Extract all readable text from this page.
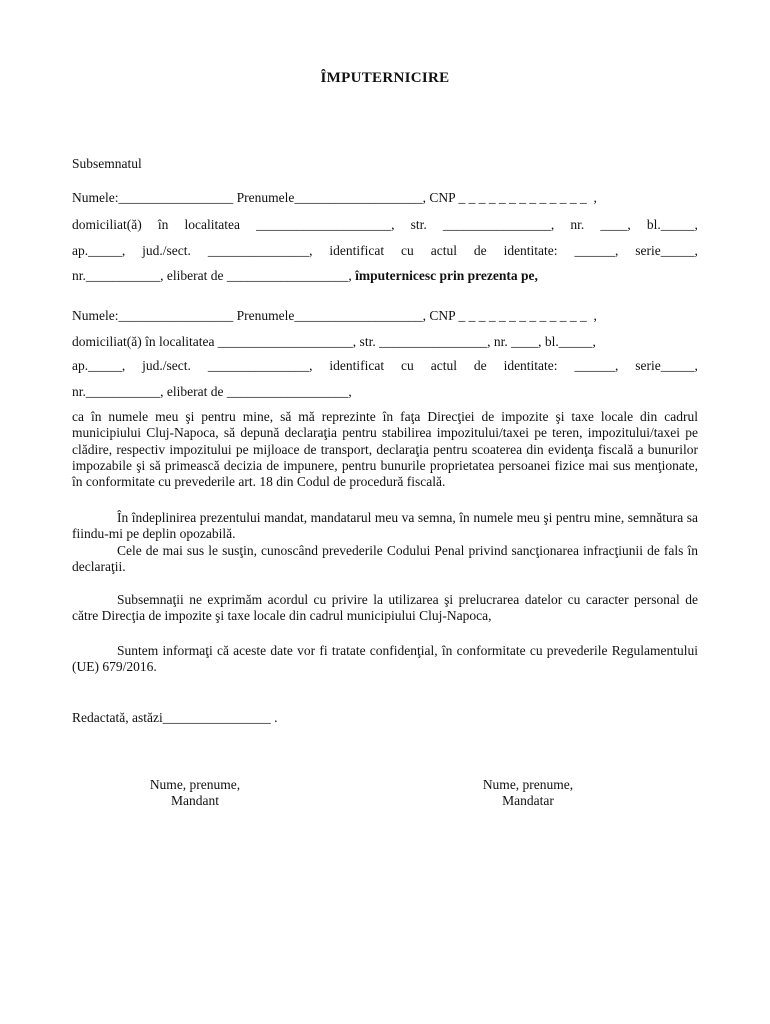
ÎMPUTERNICIRE
Subsemnatul
Numele:_________________
Prenumele___________________ , CNP _ _ _ _ _ _ _ _ _ _ _ _ _  ,
domiciliat(ă) în localitatea ____________________, str. ________________, nr. ____, bl._____,
ap._____, jud./sect. _______________, identificat cu actul de identitate: ______, serie_____,
nr.___________, eliberat de __________________, împuternicesc prin prezenta pe,
Numele:_________________
Prenumele___________________ , CNP _ _ _ _ _ _ _ _ _ _ _ _ _  ,
domiciliat(ă) în localitatea ____________________, str. ________________, nr. ____, bl._____,
ap._____, jud./sect. _______________, identificat cu actul de identitate: ______, serie_____,
nr.___________, eliberat de __________________,
ca în numele meu şi pentru mine, să mă reprezinte în faţa Direcţiei de impozite şi taxe locale din cadrul municipiului Cluj-Napoca, să depună declaraţia pentru stabilirea impozitului/taxei pe teren, impozitului/taxei pe clădire, respectiv impozitului pe mijloace de transport, declaraţia pentru scoaterea din evidenţa fiscală a bunurilor impozabile şi să primească decizia de impunere, pentru bunurile proprietatea persoanei fizice mai sus menţionate, în conformitate cu prevederile art. 18 din Codul de procedură fiscală.
În îndeplinirea prezentului mandat, mandatarul meu va semna, în numele meu şi pentru mine, semnătura sa fiindu-mi pe deplin opozabilă.
Cele de mai sus le susţin, cunoscând prevederile Codului Penal privind sancţionarea infracţiunii de fals în declaraţii.
Subsemnaţii ne exprimăm acordul cu privire la utilizarea şi prelucrarea datelor cu caracter personal de către Direcţia de impozite şi taxe locale din cadrul municipiului Cluj-Napoca,
Suntem informaţi că aceste date vor fi tratate confidenţial, în conformitate cu prevederile Regulamentului (UE) 679/2016.
Redactată, astăzi________________ .
Nume, prenume,
Mandant
Nume, prenume,
Mandatar
